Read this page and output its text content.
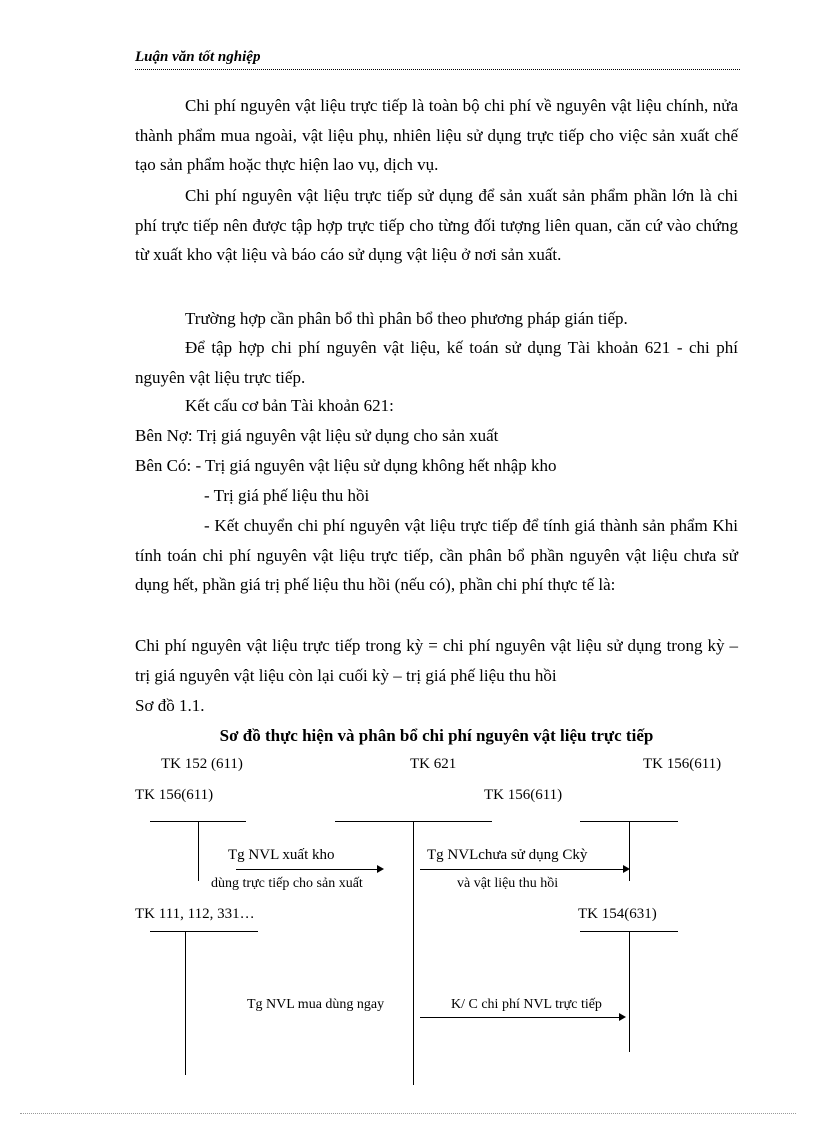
Luận văn tốt nghiệp

Chi phí nguyên vật liệu trực tiếp là toàn bộ chi phí về nguyên vật liệu chính, nửa thành phẩm mua ngoài, vật liệu phụ, nhiên liệu sử dụng trực tiếp cho việc sản xuất chế tạo sản phẩm hoặc thực hiện lao vụ, dịch vụ.

Chi phí nguyên vật liệu trực tiếp sử dụng để sản xuất sản phẩm phần lớn là chi phí trực tiếp nên được tập hợp trực tiếp cho từng đối tượng liên quan, căn cứ vào chứng từ xuất kho vật liệu và báo cáo sử dụng vật liệu ở nơi sản xuất.

Trường hợp cần phân bổ thì phân bổ theo phương pháp gián tiếp.

Để tập hợp chi phí nguyên vật liệu, kế toán sử dụng Tài khoản 621 - chi phí nguyên vật liệu trực tiếp.

Kết cấu cơ bản Tài khoản 621:

Bên Nợ: Trị giá nguyên vật liệu sử dụng cho sản xuất

Bên Có: - Trị giá nguyên vật liệu sử dụng không hết nhập kho

- Trị giá phế liệu thu hồi

- Kết chuyển chi phí nguyên vật liệu trực tiếp để tính giá thành sản phẩm Khi tính toán chi phí nguyên vật liệu trực tiếp, cần phân bổ phần nguyên vật liệu chưa sử dụng hết, phần giá trị phế liệu thu hồi (nếu có), phần chi phí thực tế là:

Chi phí nguyên vật liệu trực tiếp trong kỳ = chi phí nguyên vật liệu sử dụng trong kỳ – trị giá nguyên vật liệu còn lại cuối kỳ – trị giá phế liệu thu hồi

Sơ đồ 1.1.

Sơ đồ thực hiện và phân bổ chi phí nguyên vật liệu trực tiếp
TK 152 (611)	TK 621	TK 156(611)
TK 156(611)	TK 156(611)
TK 111, 112, 331…	TK 154(631)
Tg NVL xuất kho
dùng trực tiếp cho sản xuất
Tg NVLchưa sử dụng Ckỳ
và vật liệu thu hồi
Tg NVL mua dùng ngay	K/ C chi phí NVL trực tiếp
